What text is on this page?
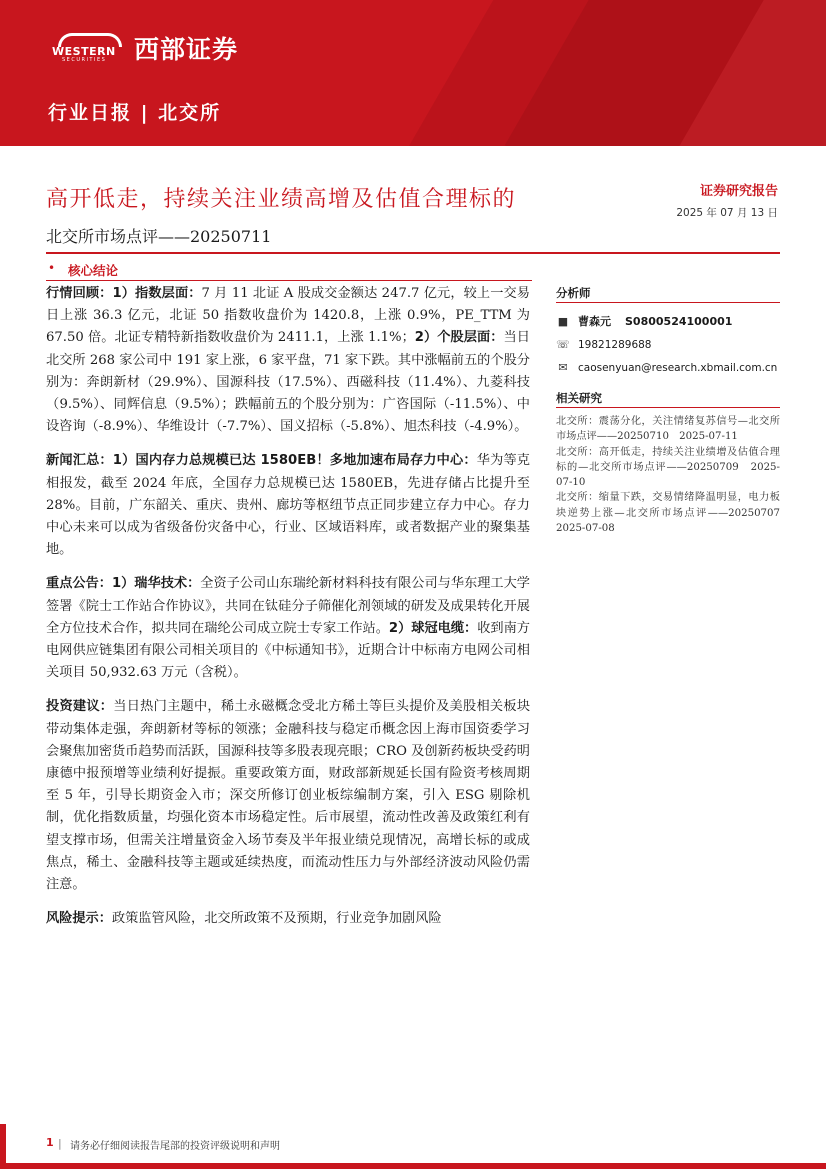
WESTERN
SECURITIES 西部证券
行业日报 | 北交所
高开低走，持续关注业绩高增及估值合理标的
北交所市场点评——20250711
证券研究报告
2025 年 07 月 13 日
• 核心结论

行情回顾：1）指数层面：7 月 11 北证 A 股成交金额达 247.7 亿元，较上一交易日上涨 36.3 亿元，北证 50 指数收盘价为 1420.8，上涨 0.9%，PE_TTM 为 67.50 倍。北证专精特新指数收盘价为 2411.1，上涨 1.1%；2）个股层面：当日北交所 268 家公司中 191 家上涨，6 家平盘，71 家下跌。其中涨幅前五的个股分别为：奔朗新材（29.9%）、国源科技（17.5%）、西磁科技（11.4%）、九菱科技（9.5%）、同辉信息（9.5%）；跌幅前五的个股分别为：广咨国际（-11.5%）、中设咨询（-8.9%）、华维设计（-7.7%）、国义招标（-5.8%）、旭杰科技（-4.9%）。

新闻汇总：1）国内存力总规模已达 1580EB！多地加速布局存力中心：华为等克相报发，截至 2024 年底，全国存力总规模已达 1580EB，先进存储占比提升至 28%。目前，广东韶关、重庆、贵州、廊坊等枢纽节点正同步建立存力中心。存力中心未来可以成为省级备份灾备中心，行业、区域语料库，或者数据产业的聚集基地。

重点公告：1）瑞华技术：全资子公司山东瑞纶新材料科技有限公司与华东理工大学签署《院士工作站合作协议》，共同在钛硅分子筛催化剂领域的研发及成果转化开展全方位技术合作，拟共同在瑞纶公司成立院士专家工作站。2）球冠电缆：收到南方电网供应链集团有限公司相关项目的《中标通知书》，近期合计中标南方电网公司相关项目 50,932.63 万元（含税）。

投资建议：当日热门主题中，稀土永磁概念受北方稀土等巨头提价及美股相关板块带动集体走强，奔朗新材等标的领涨；金融科技与稳定币概念因上海市国资委学习会聚焦加密货币趋势而活跃，国源科技等多股表现亮眼；CRO 及创新药板块受药明康德中报预增等业绩利好提振。重要政策方面，财政部新规延长国有险资考核周期至 5 年，引导长期资金入市；深交所修订创业板综编制方案，引入 ESG 剔除机制，优化指数质量，均强化资本市场稳定性。后市展望，流动性改善及政策红利有望支撑市场，但需关注增量资金入场节奏及半年报业绩兑现情况，高增长标的或成焦点，稀土、金融科技等主题或延续热度，而流动性压力与外部经济波动风险仍需注意。

风险提示：政策监管风险，北交所政策不及预期，行业竞争加剧风险

分析师
■ 曹森元 S0800524100001
☏ 19821289688
✉ caosenyuan@research.xbmail.com.cn
相关研究
北交所：震荡分化，关注情绪复苏信号—北交所市场点评——20250710　2025-07-11
北交所：高开低走，持续关注业绩增及估值合理标的—北交所市场点评——20250709　2025-07-10
北交所：缩量下跌，交易情绪降温明显，电力板块逆势上涨—北交所市场点评——20250707　2025-07-08
1 | 请务必仔细阅读报告尾部的投资评级说明和声明
